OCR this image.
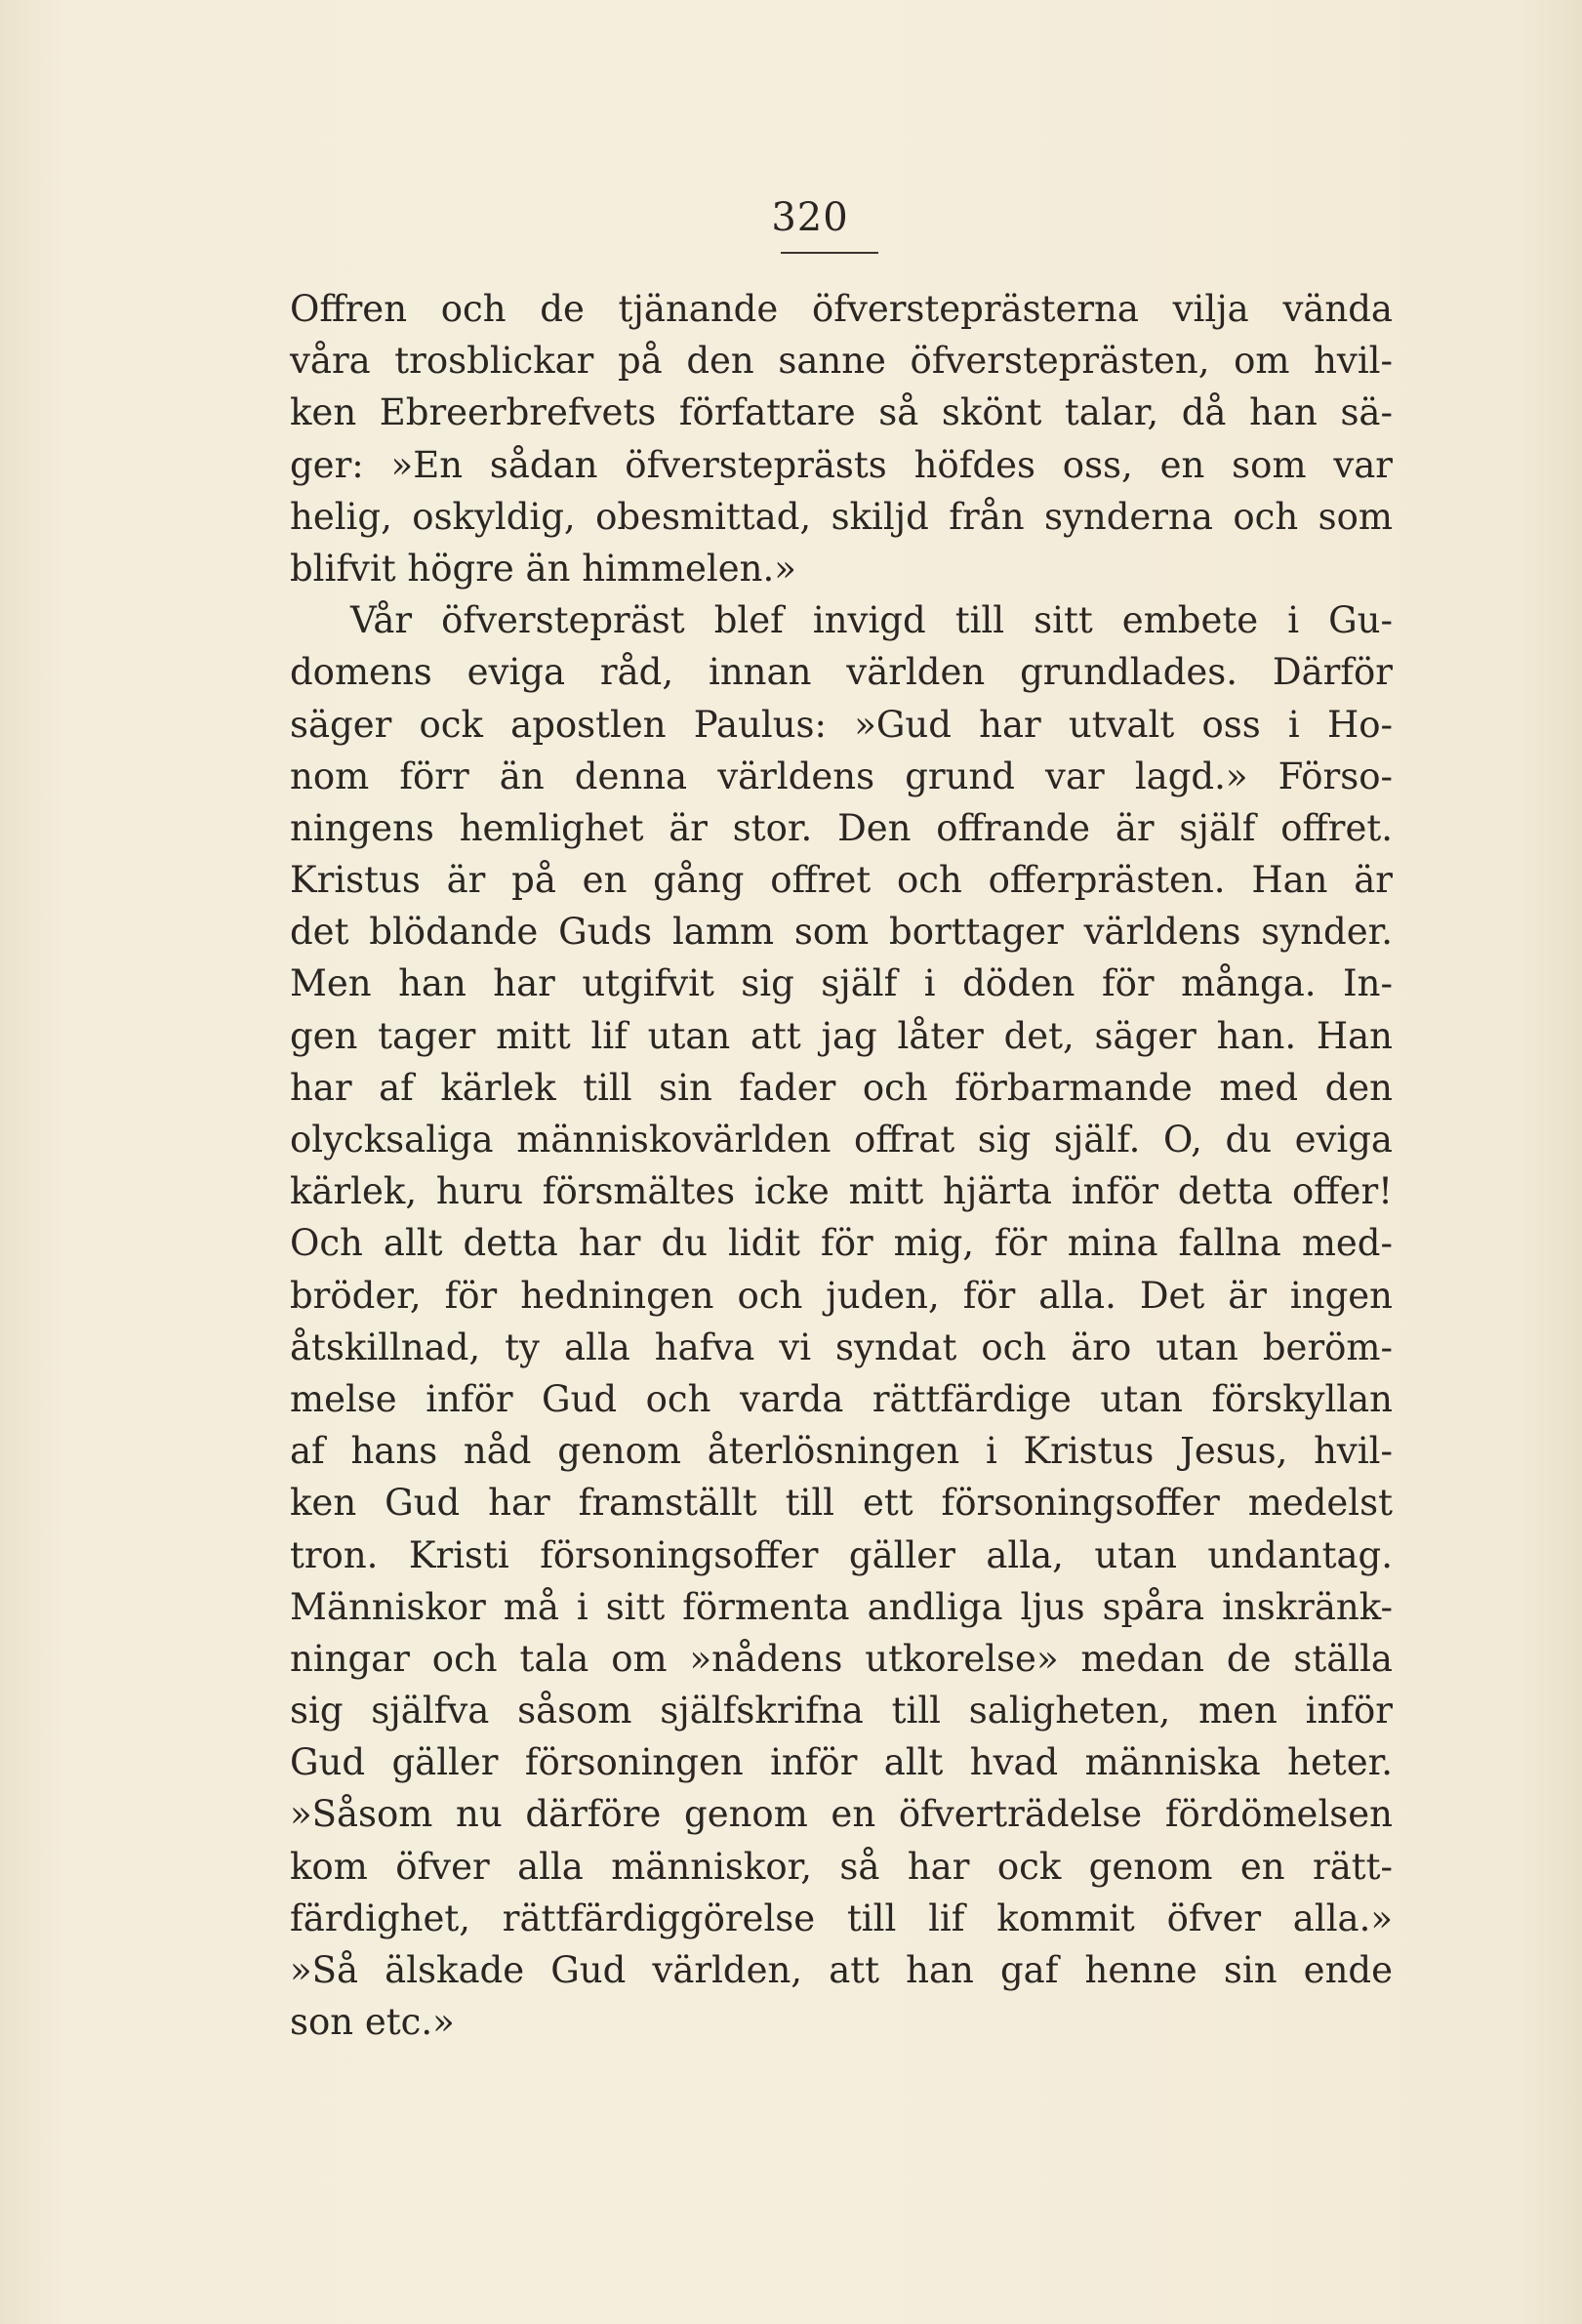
320
Offren och de tjänande öfversteprästerna vilja vända
våra trosblickar på den sanne öfversteprästen, om hvil-
ken Ebreerbrefvets författare så skönt talar, då han sä-
ger: »En sådan öfversteprästs höfdes oss, en som var
helig, oskyldig, obesmittad, skiljd från synderna och som
blifvit högre än himmelen.»
Vår öfverstepräst blef invigd till sitt embete i Gu-
domens eviga råd, innan världen grundlades. Därför
säger ock apostlen Paulus: »Gud har utvalt oss i Ho-
nom förr än denna världens grund var lagd.» Förso-
ningens hemlighet är stor. Den offrande är själf offret.
Kristus är på en gång offret och offerprästen. Han är
det blödande Guds lamm som borttager världens synder.
Men han har utgifvit sig själf i döden för många. In-
gen tager mitt lif utan att jag låter det, säger han. Han
har af kärlek till sin fader och förbarmande med den
olycksaliga människovärlden offrat sig själf. O, du eviga
kärlek, huru försmältes icke mitt hjärta inför detta offer!
Och allt detta har du lidit för mig, för mina fallna med-
bröder, för hedningen och juden, för alla. Det är ingen
åtskillnad, ty alla hafva vi syndat och äro utan beröm-
melse inför Gud och varda rättfärdige utan förskyllan
af hans nåd genom återlösningen i Kristus Jesus, hvil-
ken Gud har framställt till ett försoningsoffer medelst
tron. Kristi försoningsoffer gäller alla, utan undantag.
Människor må i sitt förmenta andliga ljus spåra inskränk-
ningar och tala om »nådens utkorelse» medan de ställa
sig själfva såsom själfskrifna till saligheten, men inför
Gud gäller försoningen inför allt hvad människa heter.
»Såsom nu därföre genom en öfverträdelse fördömelsen
kom öfver alla människor, så har ock genom en rätt-
färdighet, rättfärdiggörelse till lif kommit öfver alla.»
»Så älskade Gud världen, att han gaf henne sin ende
son etc.»
